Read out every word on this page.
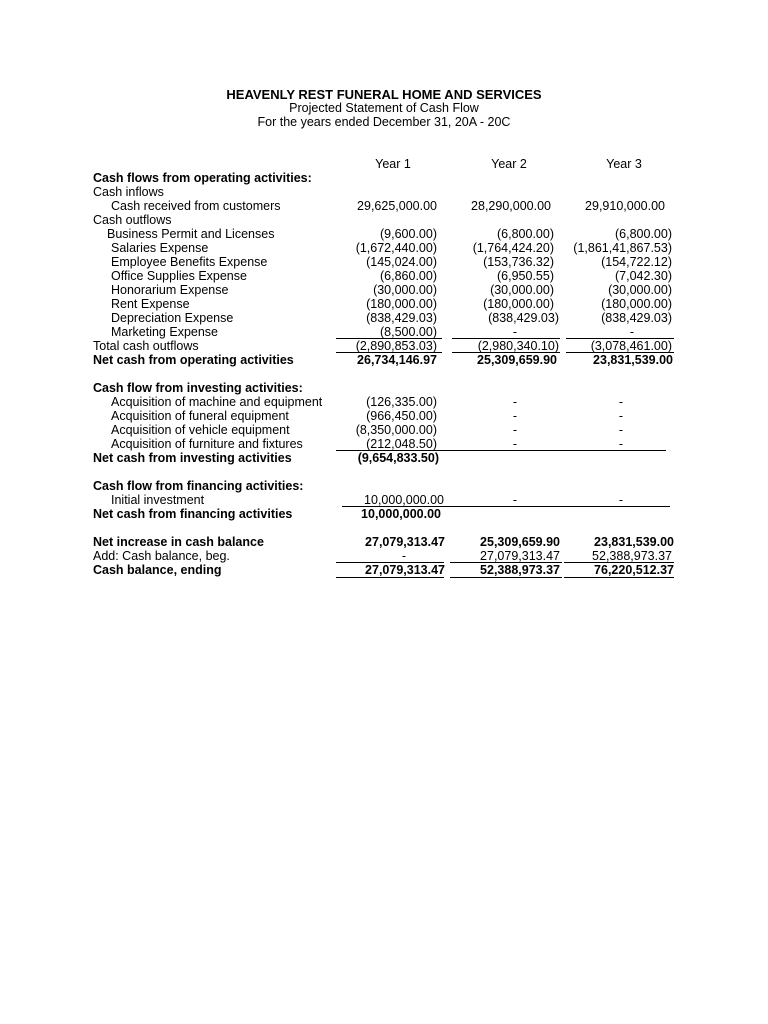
HEAVENLY REST FUNERAL HOME AND SERVICES
Projected Statement of Cash Flow
For the years ended December 31, 20A - 20C
Year 1	Year 2	Year 3
Cash flows from operating activities:
Cash inflows
Cash received from customers	29,625,000.00	28,290,000.00	29,910,000.00
Cash outflows
Business Permit and Licenses	(9,600.00)	(6,800.00)	(6,800.00)
Salaries Expense	(1,672,440.00)	(1,764,424.20) (1,861,41,867.53)
Employee Benefits Expense	(145,024.00)	(153,736.32)	(154,722.12)
Office Supplies Expense	(6,860.00)	(6,950.55)	(7,042.30)
Honorarium Expense	(30,000.00)	(30,000.00)	(30,000.00)
Rent Expense	(180,000.00)	(180,000.00)	(180,000.00)
Depreciation Expense	(838,429.03)	(838,429.03)	(838,429.03)
Marketing Expense	(8,500.00)	-	-
Total cash outflows	(2,890,853.03)	(2,980,340.10)	(3,078,461.00)
Net cash from operating activities	26,734,146.97	25,309,659.90	23,831,539.00
Cash flow from investing activities:
Acquisition of machine and equipment	(126,335.00)	-	-
Acquisition of funeral equipment	(966,450.00)	-	-
Acquisition of vehicle equipment	(8,350,000.00)	-	-
Acquisition of furniture and fixtures	(212,048.50)	-	-
Net cash from investing activities	(9,654,833.50)
Cash flow from financing activities:
Initial investment	10,000,000.00	-	-
Net cash from financing activities	10,000,000.00
Net increase in cash balance	27,079,313.47	25,309,659.90	23,831,539.00
Add: Cash balance, beg.	-	27,079,313.47	52,388,973.37
Cash balance, ending	27,079,313.47	52,388,973.37	76,220,512.37
